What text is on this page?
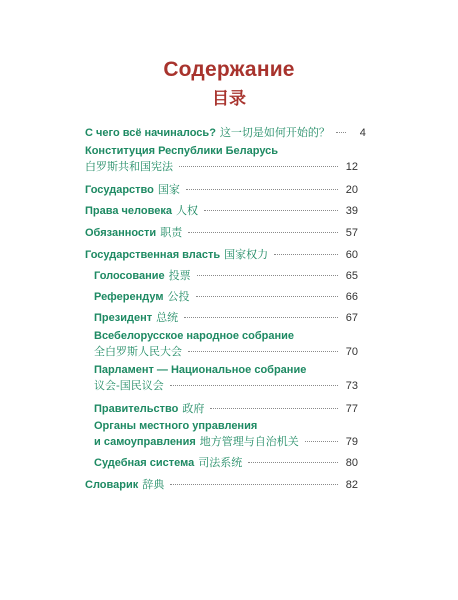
Содержание
目录
С чего всё начиналось? 这一切是如何开始的？	4
Конституция Республики Беларусь
白罗斯共和国宪法	12
Государство 国家	20
Права человека 人权	39
Обязанности 职责	57
Государственная власть 国家权力	60
Голосование 投票	65
Референдум 公投	66
Президент 总统	67
Всебелорусское народное собрание
全白罗斯人民大会	70
Парламент — Национальное собрание
议会-国民议会	73
Правительство 政府	77
Органы местного управления
и самоуправления 地方管理与自治机关	79
Судебная система 司法系统	80
Словарик 辞典	82
